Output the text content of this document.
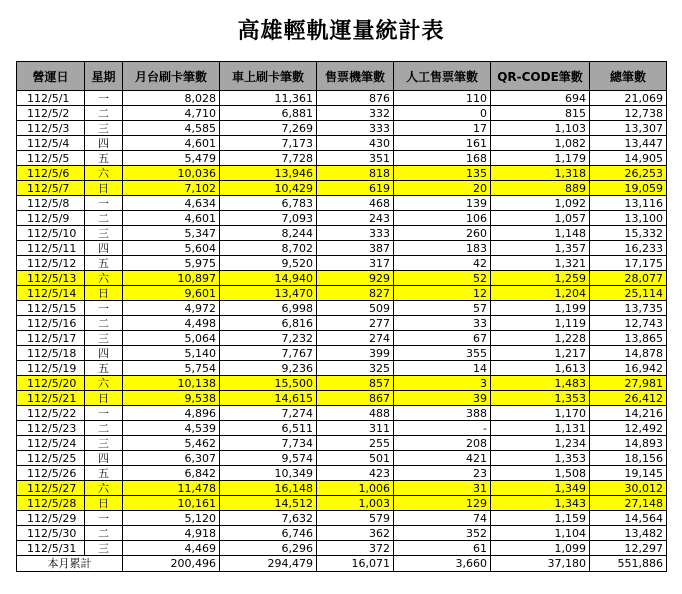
高雄輕軌運量統計表
營運日	星期	月台刷卡筆數	車上刷卡筆數	售票機筆數	人工售票筆數	QR-CODE筆數	總筆數
112/5/1	一	8,028	11,361	876	110	694	21,069
112/5/2	二	4,710	6,881	332	0	815	12,738
112/5/3	三	4,585	7,269	333	17	1,103	13,307
112/5/4	四	4,601	7,173	430	161	1,082	13,447
112/5/5	五	5,479	7,728	351	168	1,179	14,905
112/5/6	六	10,036	13,946	818	135	1,318	26,253
112/5/7	日	7,102	10,429	619	20	889	19,059
112/5/8	一	4,634	6,783	468	139	1,092	13,116
112/5/9	二	4,601	7,093	243	106	1,057	13,100
112/5/10	三	5,347	8,244	333	260	1,148	15,332
112/5/11	四	5,604	8,702	387	183	1,357	16,233
112/5/12	五	5,975	9,520	317	42	1,321	17,175
112/5/13	六	10,897	14,940	929	52	1,259	28,077
112/5/14	日	9,601	13,470	827	12	1,204	25,114
112/5/15	一	4,972	6,998	509	57	1,199	13,735
112/5/16	二	4,498	6,816	277	33	1,119	12,743
112/5/17	三	5,064	7,232	274	67	1,228	13,865
112/5/18	四	5,140	7,767	399	355	1,217	14,878
112/5/19	五	5,754	9,236	325	14	1,613	16,942
112/5/20	六	10,138	15,500	857	3	1,483	27,981
112/5/21	日	9,538	14,615	867	39	1,353	26,412
112/5/22	一	4,896	7,274	488	388	1,170	14,216
112/5/23	二	4,539	6,511	311	-	1,131	12,492
112/5/24	三	5,462	7,734	255	208	1,234	14,893
112/5/25	四	6,307	9,574	501	421	1,353	18,156
112/5/26	五	6,842	10,349	423	23	1,508	19,145
112/5/27	六	11,478	16,148	1,006	31	1,349	30,012
112/5/28	日	10,161	14,512	1,003	129	1,343	27,148
112/5/29	一	5,120	7,632	579	74	1,159	14,564
112/5/30	二	4,918	6,746	362	352	1,104	13,482
112/5/31	三	4,469	6,296	372	61	1,099	12,297
本月累計		200,496	294,479	16,071	3,660	37,180	551,886
